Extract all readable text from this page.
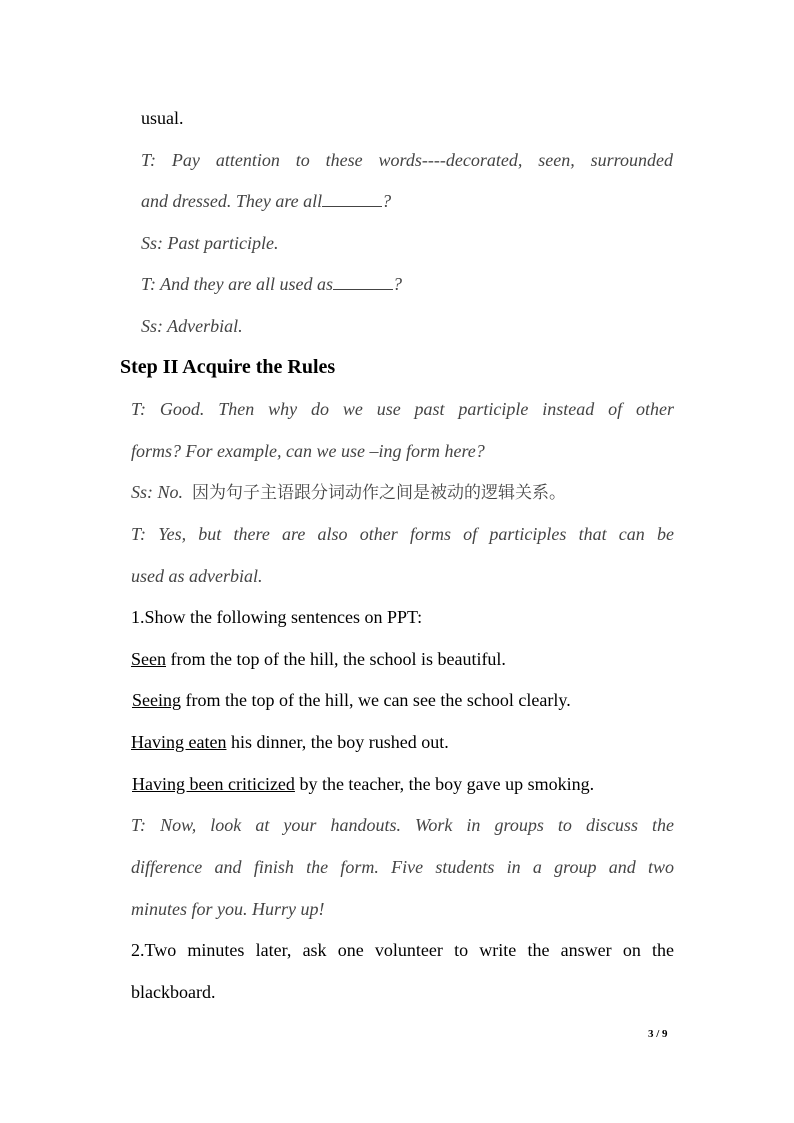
usual.
T: Pay attention to these words----decorated, seen, surrounded
and dressed. They are all	?
Ss: Past participle.
T: And they are all used as	?
Ss: Adverbial.
Step II Acquire the Rules
T: Good. Then why do we use past participle instead of other
forms? For example, can we use –ing form here?
Ss: No. 因为句子主语跟分词动作之间是被动的逻辑关系。
T: Yes, but there are also other forms of participles that can be
used as adverbial.
1.Show the following sentences on PPT:
Seen from the top of the hill, the school is beautiful.
Seeing from the top of the hill, we can see the school clearly.
Having eaten his dinner, the boy rushed out.
Having been criticized by the teacher, the boy gave up smoking.
T: Now, look at your handouts. Work in groups to discuss the
difference and finish the form. Five students in a group and two
minutes for you. Hurry up!
2.Two minutes later, ask one volunteer to write the answer on the
blackboard.
3 / 9
